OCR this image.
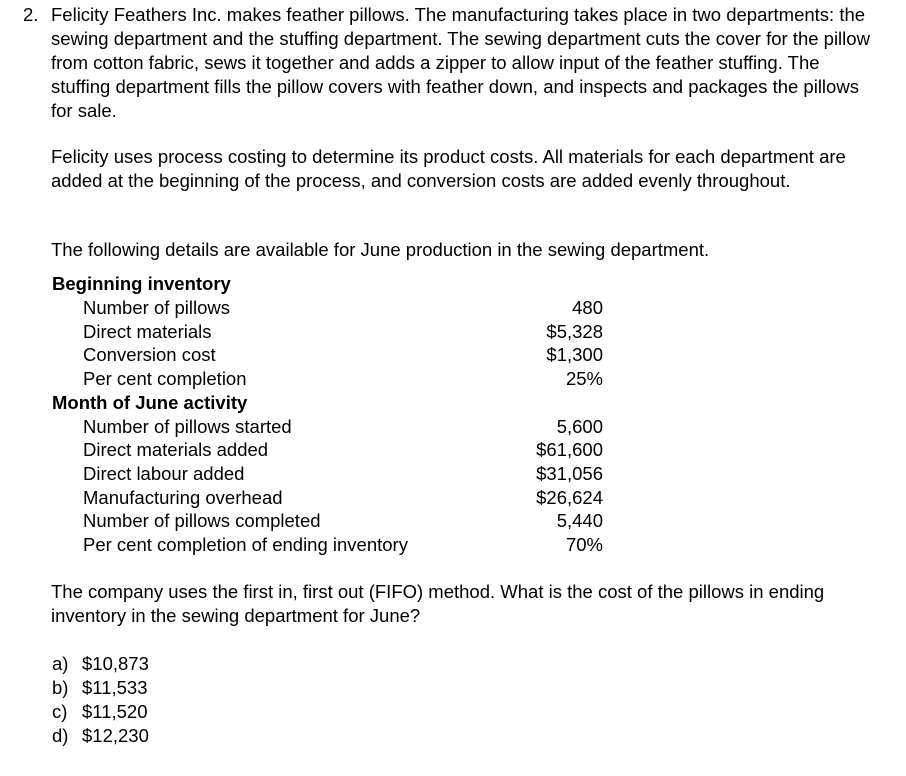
2. Felicity Feathers Inc. makes feather pillows. The manufacturing takes place in two departments: the sewing department and the stuffing department. The sewing department cuts the cover for the pillow from cotton fabric, sews it together and adds a zipper to allow input of the feather stuffing. The stuffing department fills the pillow covers with feather down, and inspects and packages the pillows for sale.
Felicity uses process costing to determine its product costs. All materials for each department are added at the beginning of the process, and conversion costs are added evenly throughout.
The following details are available for June production in the sewing department.
Beginning inventory
Number of pillows	480
Direct materials	$5,328
Conversion cost	$1,300
Per cent completion	25%
Month of June activity
Number of pillows started	5,600
Direct materials added	$61,600
Direct labour added	$31,056
Manufacturing overhead	$26,624
Number of pillows completed	5,440
Per cent completion of ending inventory	70%
The company uses the first in, first out (FIFO) method. What is the cost of the pillows in ending inventory in the sewing department for June?
a) $10,873
b) $11,533
c) $11,520
d) $12,230
